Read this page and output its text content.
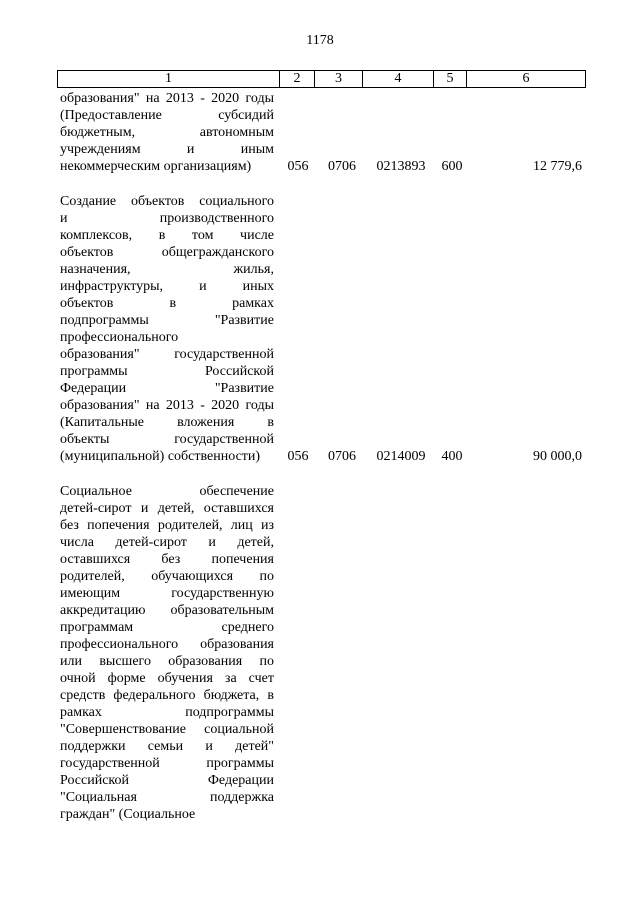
1178
1	2	3	4	5	6
образования" на 2013 - 2020 годы
(Предоставление субсидий
бюджетным, автономным
учреждениям и иным
некоммерческим организациям)	056	0706	0213893	600	12 779,6
Создание объектов социального
и производственного
комплексов, в том числе
объектов общегражданского
назначения, жилья,
инфраструктуры, и иных
объектов в рамках
подпрограммы "Развитие
профессионального
образования" государственной
программы Российской
Федерации "Развитие
образования" на 2013 - 2020 годы
(Капитальные вложения в
объекты государственной
(муниципальной) собственности)	056	0706	0214009	400	90 000,0
Социальное обеспечение
детей-сирот и детей, оставшихся
без попечения родителей, лиц из
числа детей-сирот и детей,
оставшихся без попечения
родителей, обучающихся по
имеющим государственную
аккредитацию образовательным
программам среднего
профессионального образования
или высшего образования по
очной форме обучения за счет
средств федерального бюджета, в
рамках подпрограммы
"Совершенствование социальной
поддержки семьи и детей"
государственной программы
Российской Федерации
"Социальная поддержка
граждан" (Социальное
